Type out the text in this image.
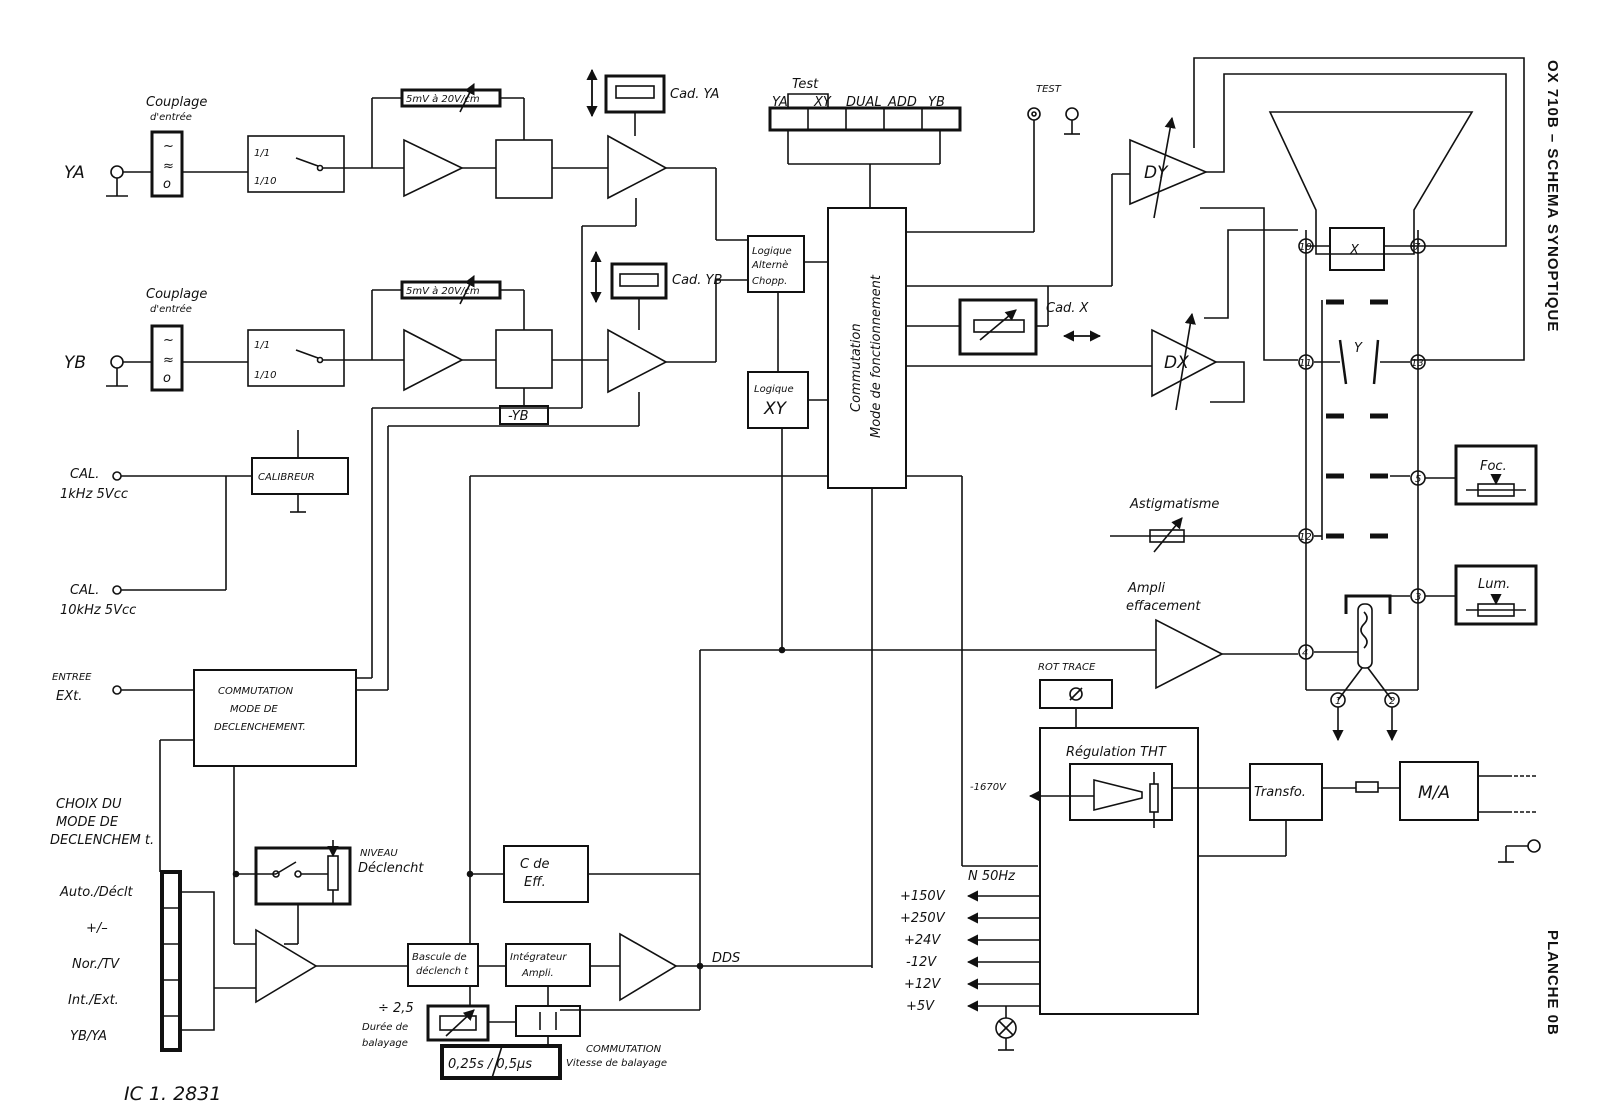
YA
YB
Couplage
d'entrée
~
≈
o
1/1
1/10
5mV à 20V/cm	Cad. YA
Couplage
d'entrée
~
≈
o
1/1
1/10
5mV à 20V/cm
Cad. YB
-YB
CAL.
1kHz 5Vcc
CAL.
10kHz 5Vcc
CALIBREUR
ENTREE
EXt.
Test
YA XY DUAL ADD YB
Logique
Alternè
Chopp.
Logique
XY	Commutation Mode de fonctionnement
TEST
Cad. X
DY
DX
X
Y
10	7
11	13
5
12
3
4
1	2
Foc.
Lum.
Astigmatisme
Ampli
effacement
ROT TRACE
Régulation THT
-1670V
N 50Hz
Transfo.	M/A
+150V
+250V
+24V
-12V
+12V
+5V
COMMUTATION
MODE DE
DECLENCHEMENT.
CHOIX DU
MODE DE
DECLENCHEM t.
Auto./Déclt
+/–
Nor./TV
Int./Ext.
YB/YA
NIVEAU
Déclencht	C de
Eff.
Bascule de
déclench t
Intégrateur
Ampli.
DDS
÷ 2,5
Durée de
balayage
0,25s / 0,5µs
COMMUTATION
Vitesse de balayage
IC 1. 2831
OX 710B – SCHEMA SYNOPTIQUE
PLANCHE 0B
